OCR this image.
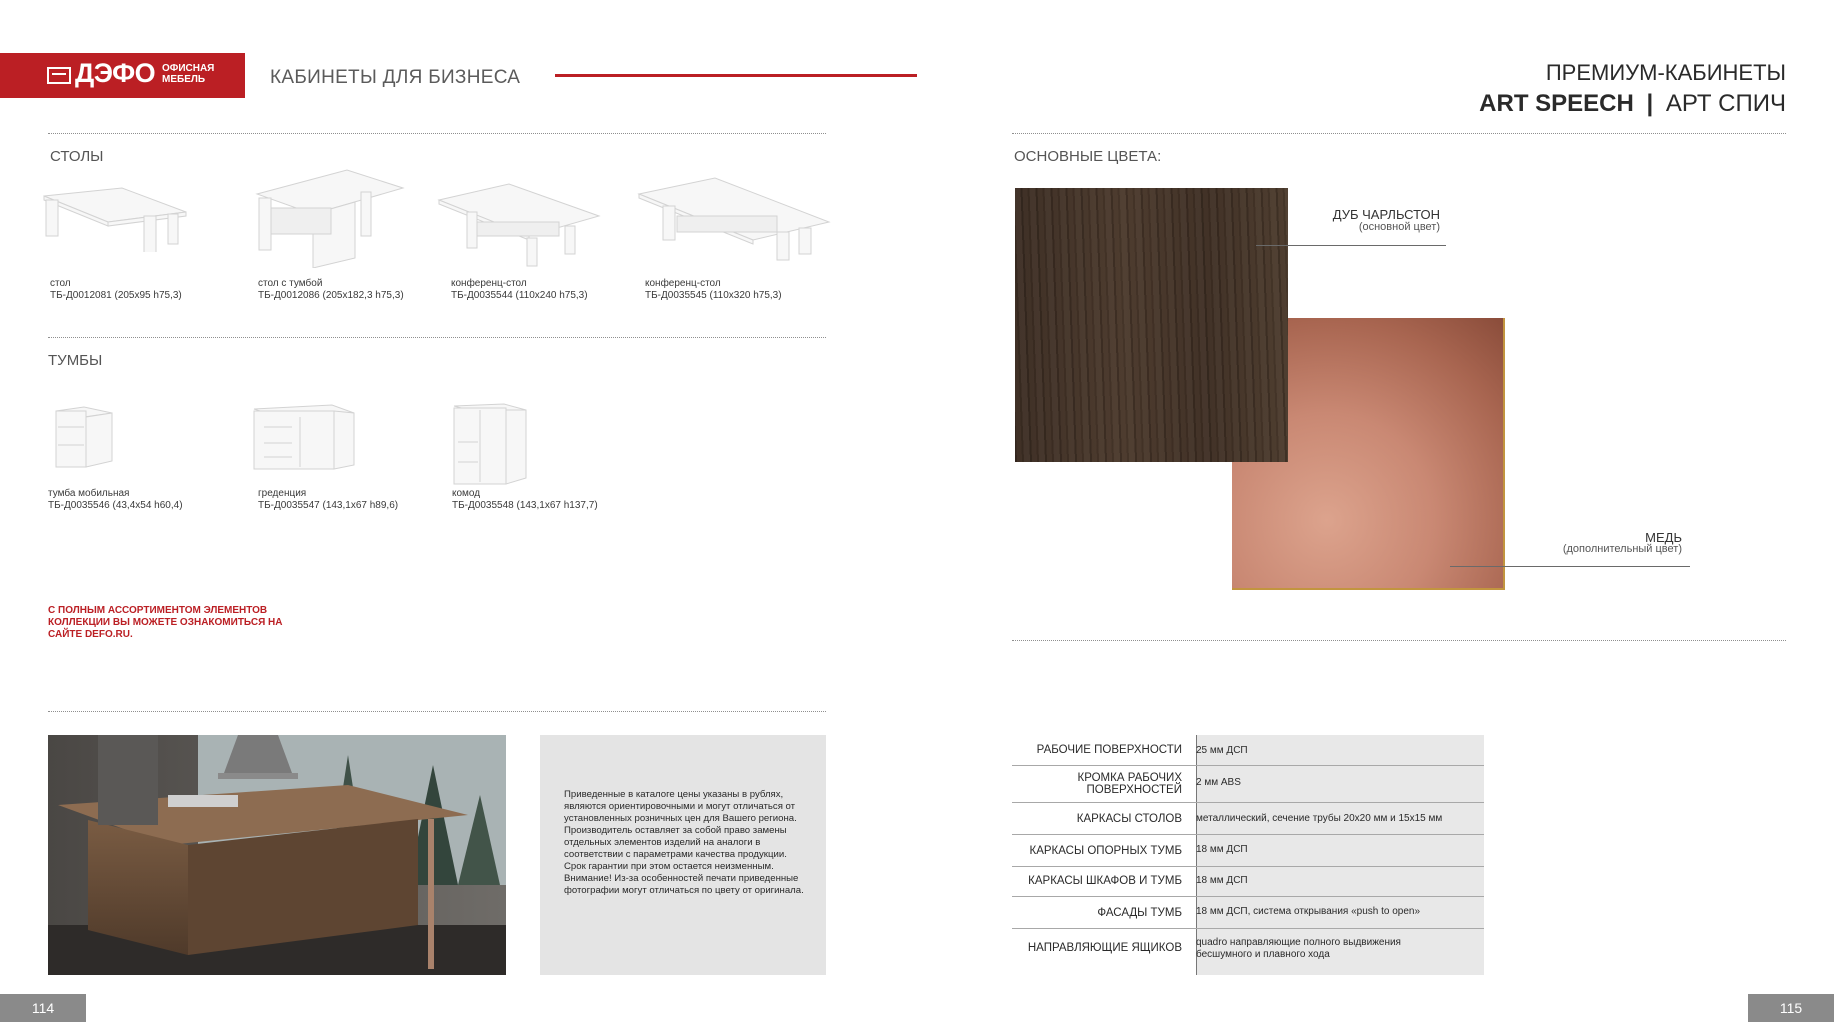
ДЭФО ОФИСНАЯ МЕБЕЛЬ	КАБИНЕТЫ ДЛЯ БИЗНЕСА	ПРЕМИУМ-КАБИНЕТЫ
ART SPEECH | АРТ СПИЧ
СТОЛЫ
стол
ТБ-Д0012081 (205x95 h75,3)
стол с тумбой
ТБ-Д0012086 (205x182,3 h75,3)
конференц-стол
ТБ-Д0035544 (110x240 h75,3)
конференц-стол
ТБ-Д0035545 (110x320 h75,3)
ТУМБЫ
тумба мобильная
ТБ-Д0035546 (43,4x54 h60,4)
греденция
ТБ-Д0035547 (143,1x67 h89,6)
комод
ТБ-Д0035548 (143,1x67 h137,7)
С ПОЛНЫМ АССОРТИМЕНТОМ ЭЛЕМЕНТОВ КОЛЛЕКЦИИ ВЫ МОЖЕТЕ ОЗНАКОМИТЬСЯ НА САЙТЕ DEFO.RU.
Приведенные в каталоге цены указаны в рублях, являются ориентировочными и могут отличаться от установленных розничных цен для Вашего региона. Производитель оставляет за собой право замены отдельных элементов изделий на аналоги в соответствии с параметрами качества продукции. Срок гарантии при этом остается неизменным. Внимание! Из-за особенностей печати приведенные фотографии могут отличаться по цвету от оригинала.
ОСНОВНЫЕ ЦВЕТА:
ДУБ ЧАРЛЬСТОН
(основной цвет)
МЕДЬ
(дополнительный цвет)
РАБОЧИЕ ПОВЕРХНОСТИ 25 мм ДСП
КРОМКА РАБОЧИХ ПОВЕРХНОСТЕЙ
2 мм ABS
КАРКАСЫ СТОЛОВ металлический, сечение трубы 20x20 мм и 15x15 мм
КАРКАСЫ ОПОРНЫХ ТУМБ 18 мм ДСП
КАРКАСЫ ШКАФОВ И ТУМБ 18 мм ДСП
ФАСАДЫ ТУМБ 18 мм ДСП, система открывания «push to open»
НАПРАВЛЯЮЩИЕ ЯЩИКОВ quadro направляющие полного выдвижения бесшумного и плавного хода
114	115
